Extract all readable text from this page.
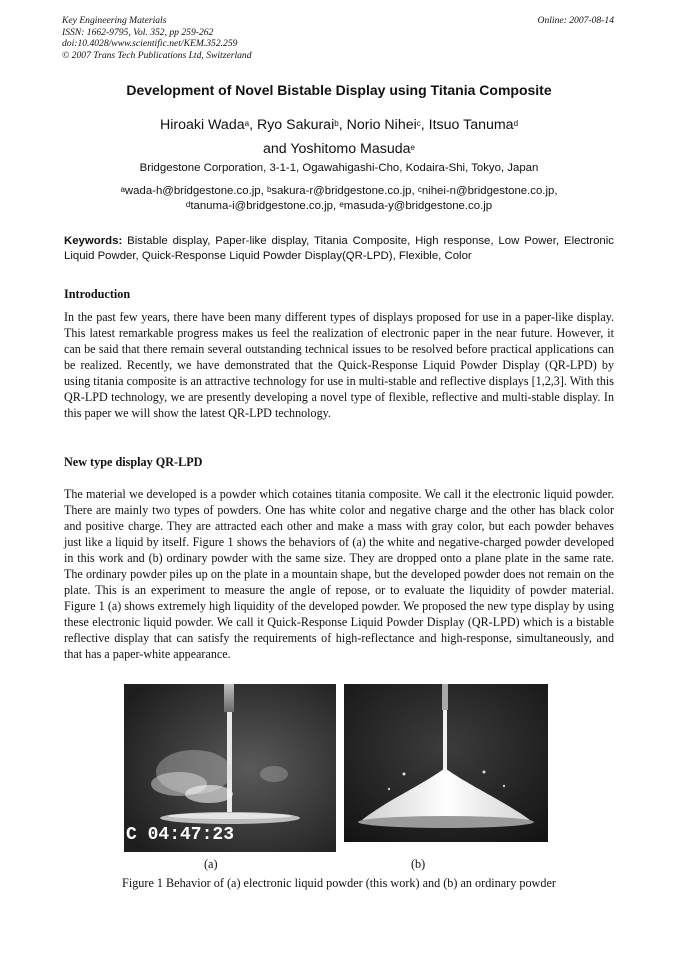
Key Engineering Materials
ISSN: 1662-9795, Vol. 352, pp 259-262
doi:10.4028/www.scientific.net/KEM.352.259
© 2007 Trans Tech Publications Ltd, Switzerland
Online: 2007-08-14
Development of Novel Bistable Display using Titania Composite
Hiroaki Wada$^a$, Ryo Sakurai$^b$, Norio Nihei$^c$, Itsuo Tanuma$^d$
and Yoshitomo Masuda$^e$
Bridgestone Corporation, 3-1-1, Ogawahigashi-Cho, Kodaira-Shi, Tokyo, Japan
$^a$wada-h@bridgestone.co.jp, $^b$sakura-r@bridgestone.co.jp, $^c$nihei-n@bridgestone.co.jp,
$^d$tanuma-i@bridgestone.co.jp, $^e$masuda-y@bridgestone.co.jp
Keywords: Bistable display, Paper-like display, Titania Composite, High response, Low Power, Electronic Liquid Powder, Quick-Response Liquid Powder Display(QR-LPD), Flexible, Color
Introduction
In the past few years, there have been many different types of displays proposed for use in a paper-like display. This latest remarkable progress makes us feel the realization of electronic paper in the near future. However, it can be said that there remain several outstanding technical issues to be resolved before practical applications can be realized. Recently, we have demonstrated that the Quick-Response Liquid Powder Display (QR-LPD) by using titania composite is an attractive technology for use in multi-stable and reflective displays [1,2,3]. With this QR-LPD technology, we are presently developing a novel type of flexible, reflective and multi-stable display. In this paper we will show the latest QR-LPD technology.
New type display QR-LPD
The material we developed is a powder which cotaines titania composite. We call it the electronic liquid powder. There are mainly two types of powders. One has white color and negative charge and the other has black color and positive charge. They are attracted each other and make a mass with gray color, but each powder behaves just like a liquid by itself. Figure 1 shows the behaviors of (a) the white and negative-charged powder developed in this work and (b) ordinary powder with the same size. They are dropped onto a plane plate in the same rate. The ordinary powder piles up on the plate in a mountain shape, but the developed powder does not remain on the plate. This is an experiment to measure the angle of repose, or to evaluate the liquidity of powder material. Figure 1 (a) shows extremely high liquidity of the developed powder. We proposed the new type display by using these electronic liquid powder. We call it Quick-Response Liquid Powder Display (QR-LPD) which is a bistable reflective display that can satisfy the requirements of high-reflectance and high-response, simultaneously, and that has a paper-white appearance.
C 04:47:23
(a)	(b)
Figure 1 Behavior of (a) electronic liquid powder (this work) and (b) an ordinary powder
